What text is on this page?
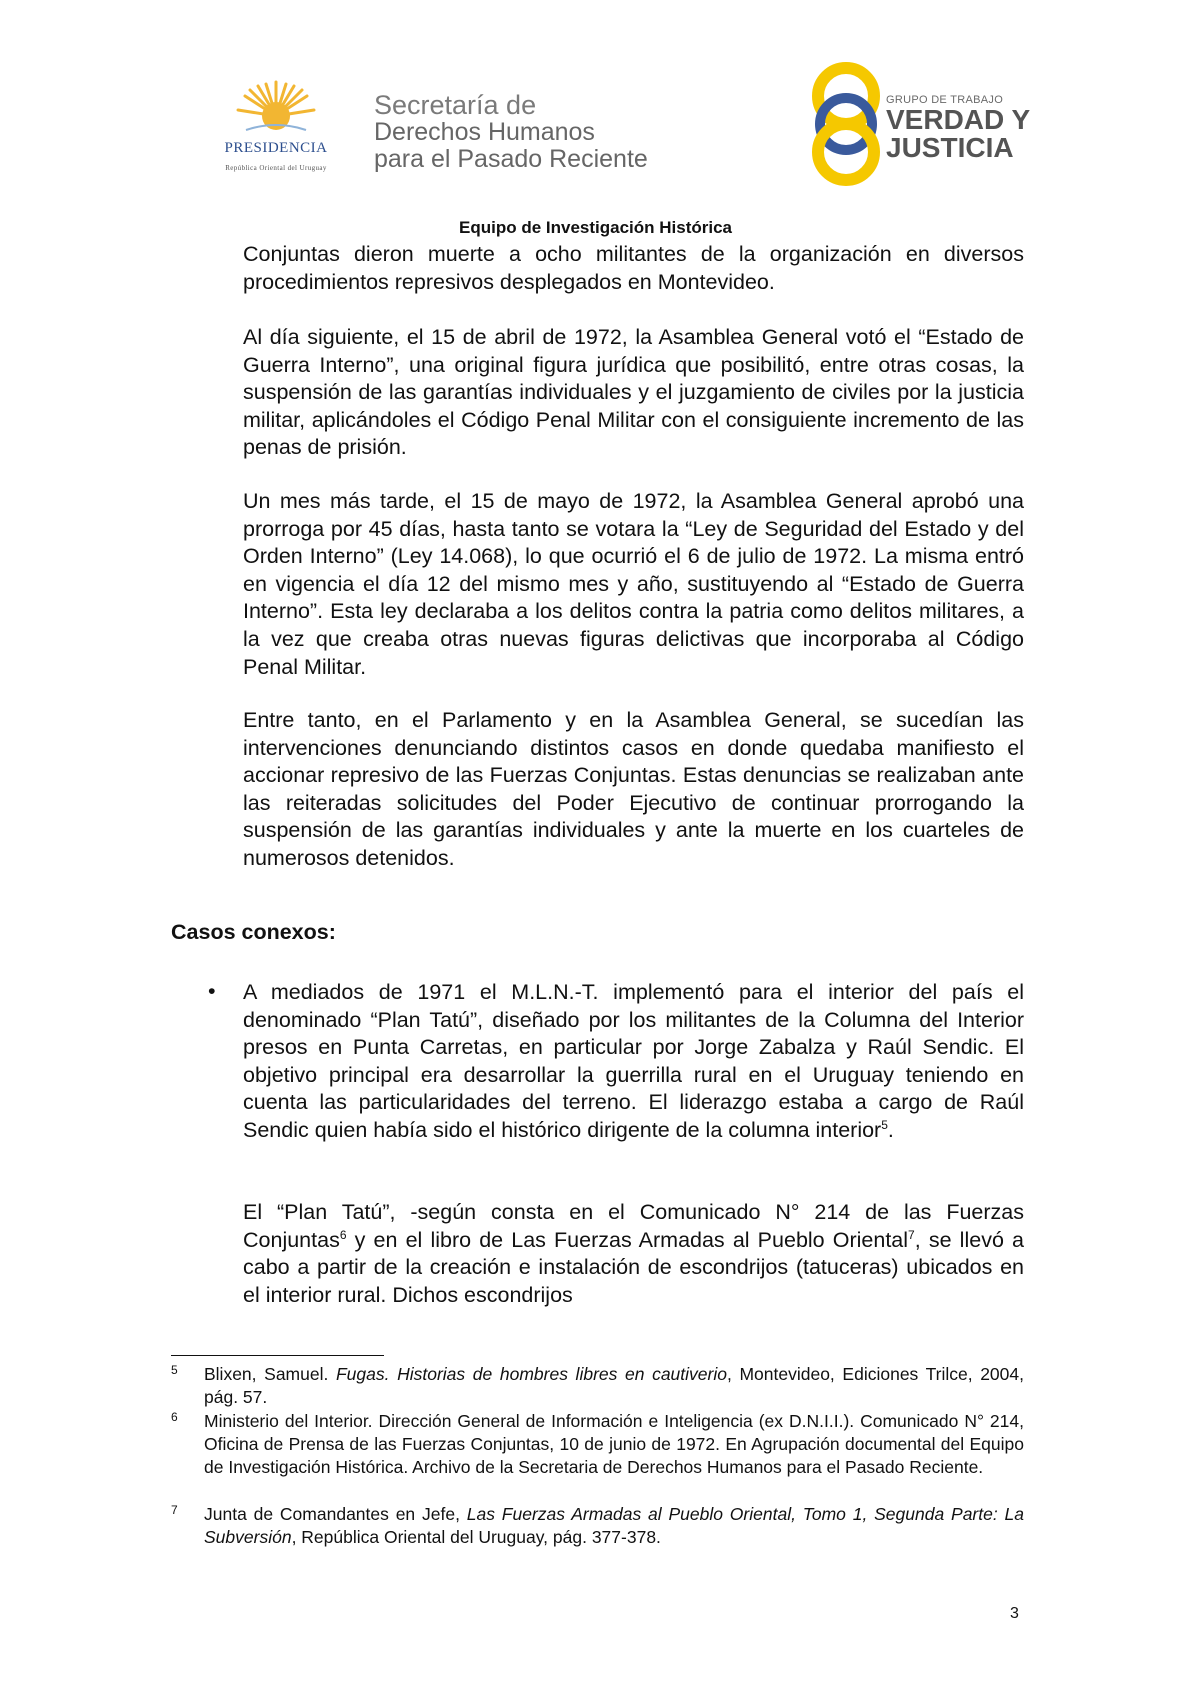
PRESIDENCIA
República Oriental del Uruguay
Secretaría de
Derechos Humanos
para el Pasado Reciente
GRUPO DE TRABAJO
VERDAD Y
JUSTICIA
Equipo de Investigación Histórica

Conjuntas dieron muerte a ocho militantes de la organización en diversos procedimientos represivos desplegados en Montevideo.

Al día siguiente, el 15 de abril de 1972, la Asamblea General votó el “Estado de Guerra Interno”, una original figura jurídica que posibilitó, entre otras cosas, la suspensión de las garantías individuales y el juzgamiento de civiles por la justicia militar, aplicándoles el Código Penal Militar con el consiguiente incremento de las penas de prisión.

Un mes más tarde, el 15 de mayo de 1972, la Asamblea General aprobó una prorroga por 45 días, hasta tanto se votara la “Ley de Seguridad del Estado y del Orden Interno” (Ley 14.068), lo que ocurrió el 6 de julio de 1972. La misma entró en vigencia el día 12 del mismo mes y año, sustituyendo al “Estado de Guerra Interno”. Esta ley declaraba a los delitos contra la patria como delitos militares, a la vez que creaba otras nuevas figuras delictivas que incorporaba al Código Penal Militar.

Entre tanto, en el Parlamento y en la Asamblea General, se sucedían las intervenciones denunciando distintos casos en donde quedaba manifiesto el accionar represivo de las Fuerzas Conjuntas. Estas denuncias se realizaban ante las reiteradas solicitudes del Poder Ejecutivo de continuar prorrogando la suspensión de las garantías individuales y ante la muerte en los cuarteles de numerosos detenidos.

Casos conexos:
• A mediados de 1971 el M.L.N.-T. implementó para el interior del país el denominado “Plan Tatú”, diseñado por los militantes de la Columna del Interior presos en Punta Carretas, en particular por Jorge Zabalza y Raúl Sendic. El objetivo principal era desarrollar la guerrilla rural en el Uruguay teniendo en cuenta las particularidades del terreno. El liderazgo estaba a cargo de Raúl Sendic quien había sido el histórico dirigente de la columna interior$^5$.

El “Plan Tatú”, -según consta en el Comunicado N° 214 de las Fuerzas Conjuntas$^6$ y en el libro de Las Fuerzas Armadas al Pueblo Oriental$^7$, se llevó a cabo a partir de la creación e instalación de escondrijos (tatuceras) ubicados en el interior rural. Dichos escondrijos

5 Blixen, Samuel. Fugas. Historias de hombres libres en cautiverio, Montevideo, Ediciones Trilce, 2004, pág. 57.

6 Ministerio del Interior. Dirección General de Información e Inteligencia (ex D.N.I.I.). Comunicado N° 214, Oficina de Prensa de las Fuerzas Conjuntas, 10 de junio de 1972. En Agrupación documental del Equipo de Investigación Histórica. Archivo de la Secretaria de Derechos Humanos para el Pasado Reciente.

7 Junta de Comandantes en Jefe, Las Fuerzas Armadas al Pueblo Oriental, Tomo 1, Segunda Parte: La Subversión, República Oriental del Uruguay, pág. 377-378.

3
